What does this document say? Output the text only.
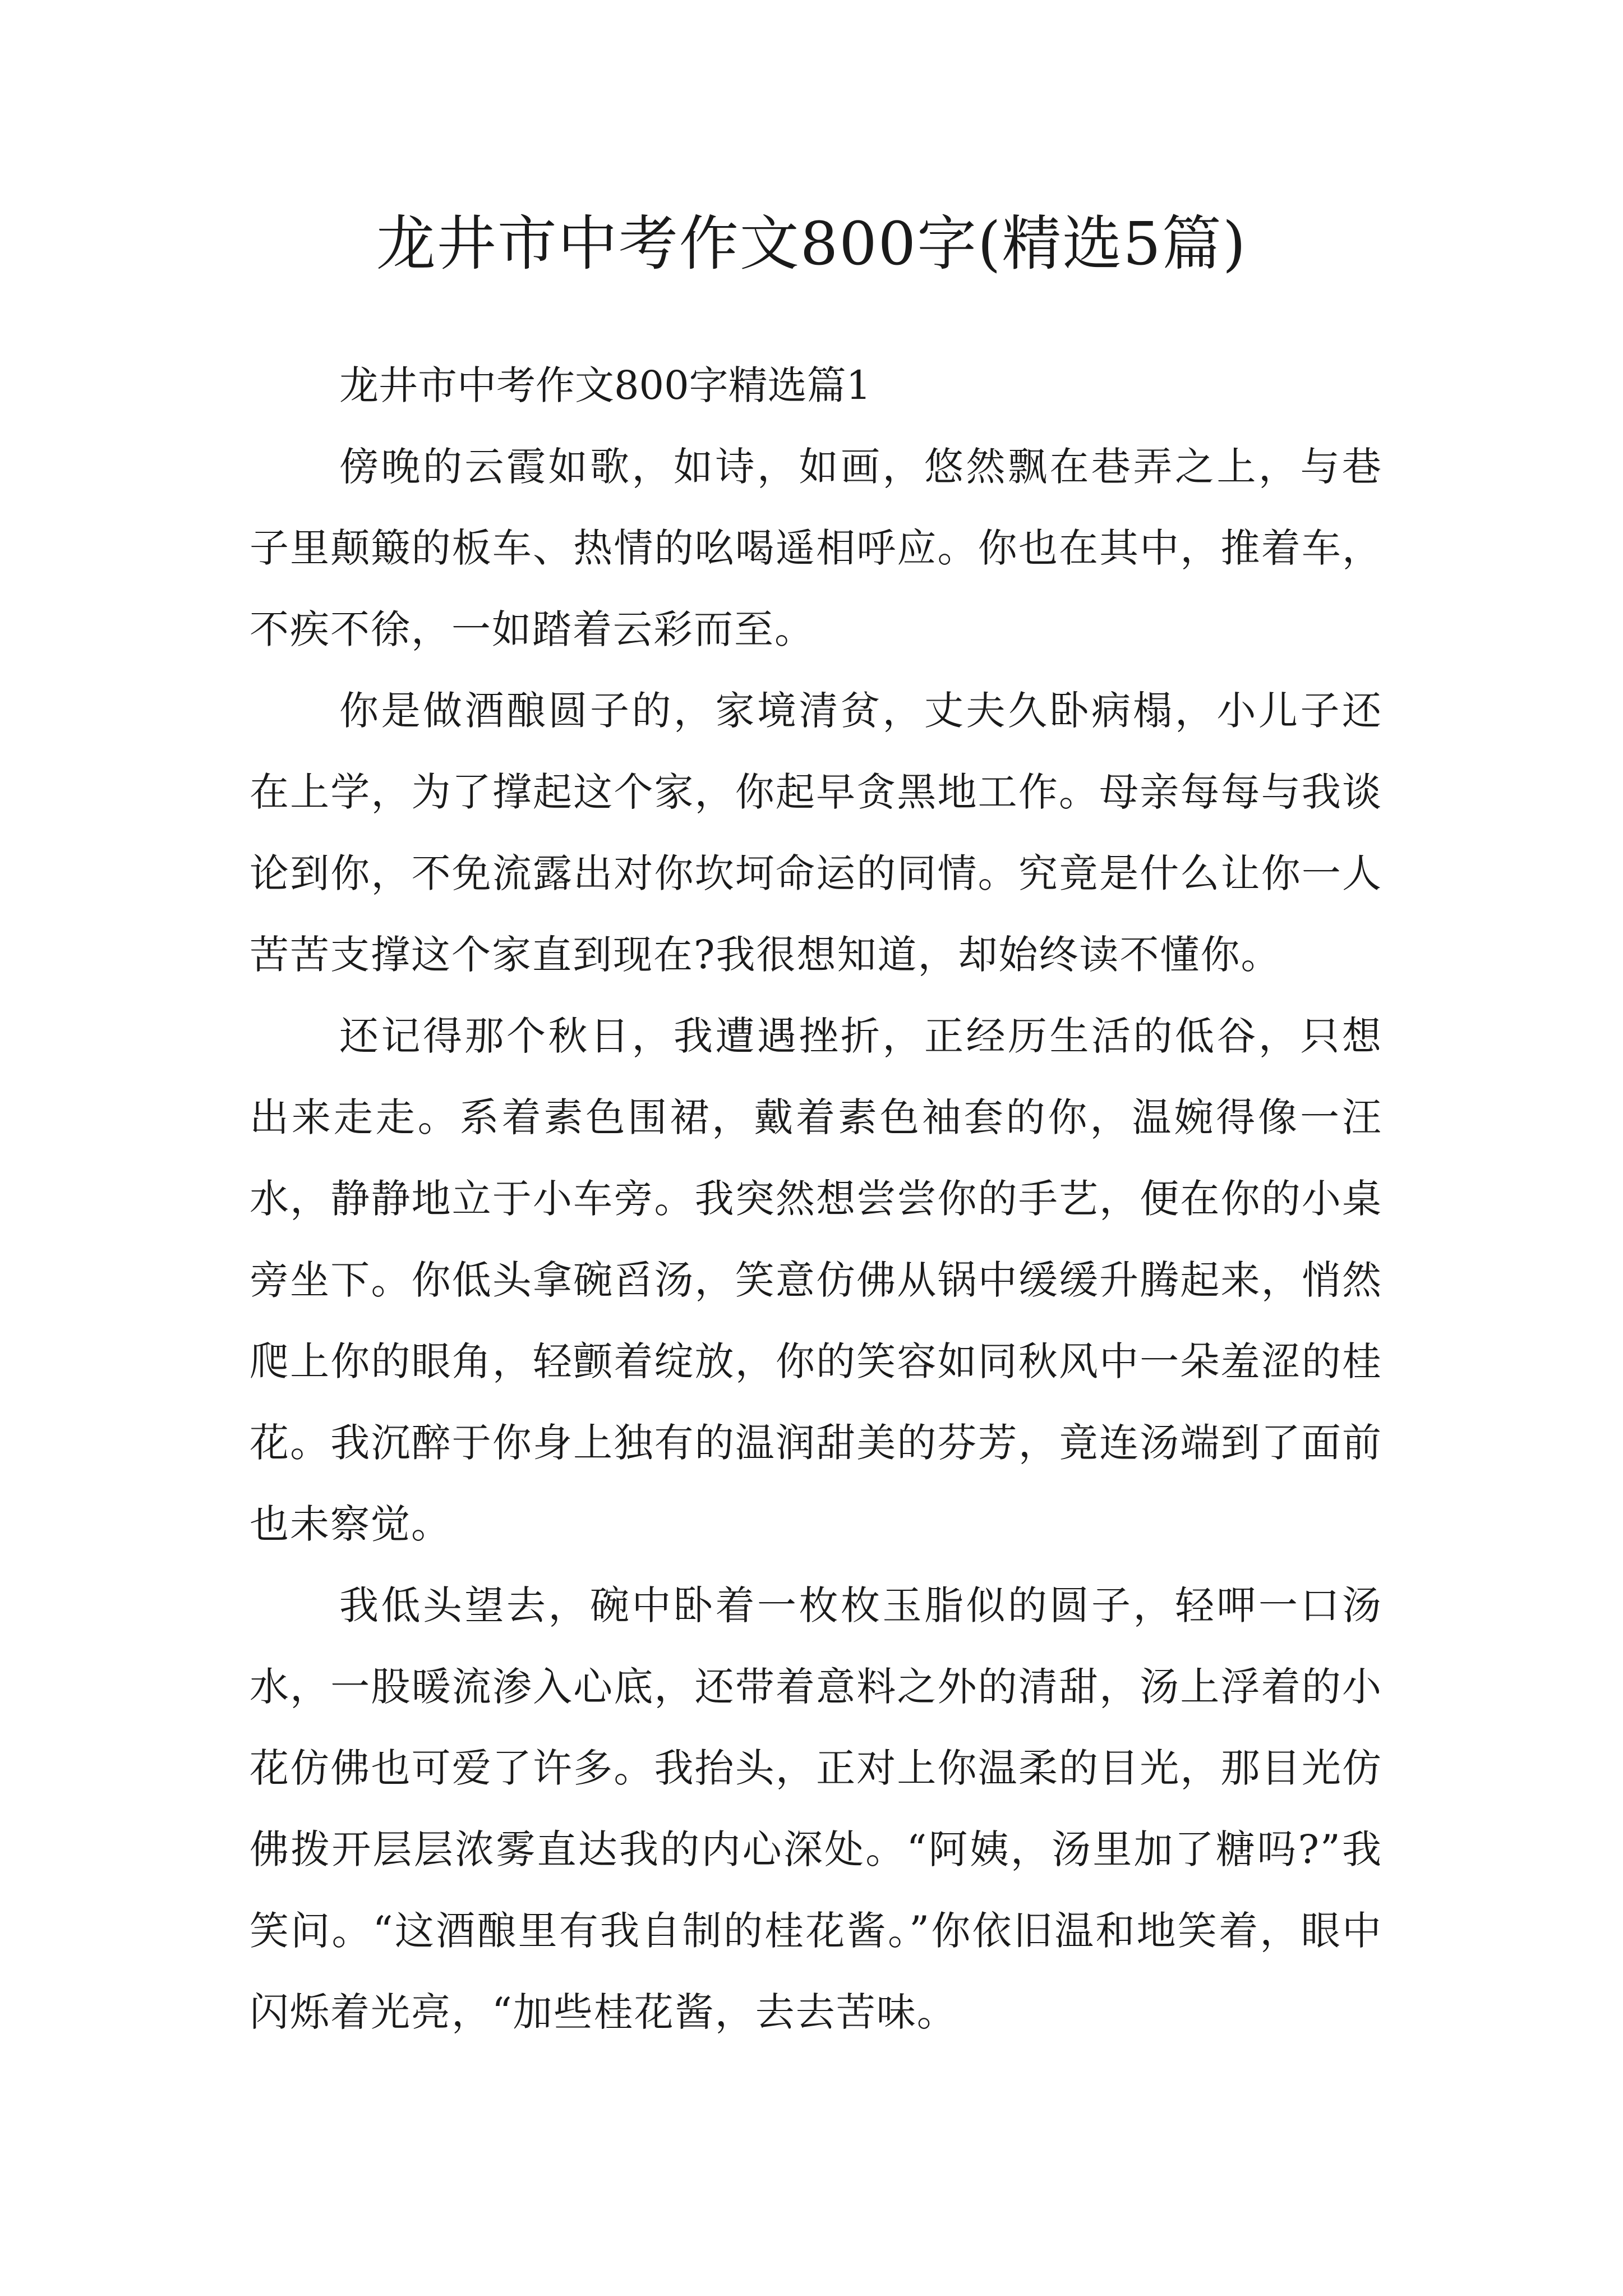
龙井市中考作文800字(精选5篇)

龙井市中考作文800字精选篇1

傍晚的云霞如歌，如诗，如画，悠然飘在巷弄之上，与巷子里颠簸的板车、热情的吆喝遥相呼应。你也在其中，推着车，不疾不徐，一如踏着云彩而至。

你是做酒酿圆子的，家境清贫，丈夫久卧病榻，小儿子还在上学，为了撑起这个家，你起早贪黑地工作。母亲每每与我谈论到你，不免流露出对你坎坷命运的同情。究竟是什么让你一人苦苦支撑这个家直到现在?我很想知道，却始终读不懂你。

还记得那个秋日，我遭遇挫折，正经历生活的低谷，只想出来走走。系着素色围裙，戴着素色袖套的你，温婉得像一汪水，静静地立于小车旁。我突然想尝尝你的手艺，便在你的小桌旁坐下。你低头拿碗舀汤，笑意仿佛从锅中缓缓升腾起来，悄然爬上你的眼角，轻颤着绽放，你的笑容如同秋风中一朵羞涩的桂花。我沉醉于你身上独有的温润甜美的芬芳，竟连汤端到了面前也未察觉。

我低头望去，碗中卧着一枚枚玉脂似的圆子，轻呷一口汤水，一股暖流渗入心底，还带着意料之外的清甜，汤上浮着的小花仿佛也可爱了许多。我抬头，正对上你温柔的目光，那目光仿佛拨开层层浓雾直达我的内心深处。“阿姨，汤里加了糖吗?”我笑问。“这酒酿里有我自制的桂花酱。”你依旧温和地笑着，眼中闪烁着光亮，“加些桂花酱，去去苦味。
